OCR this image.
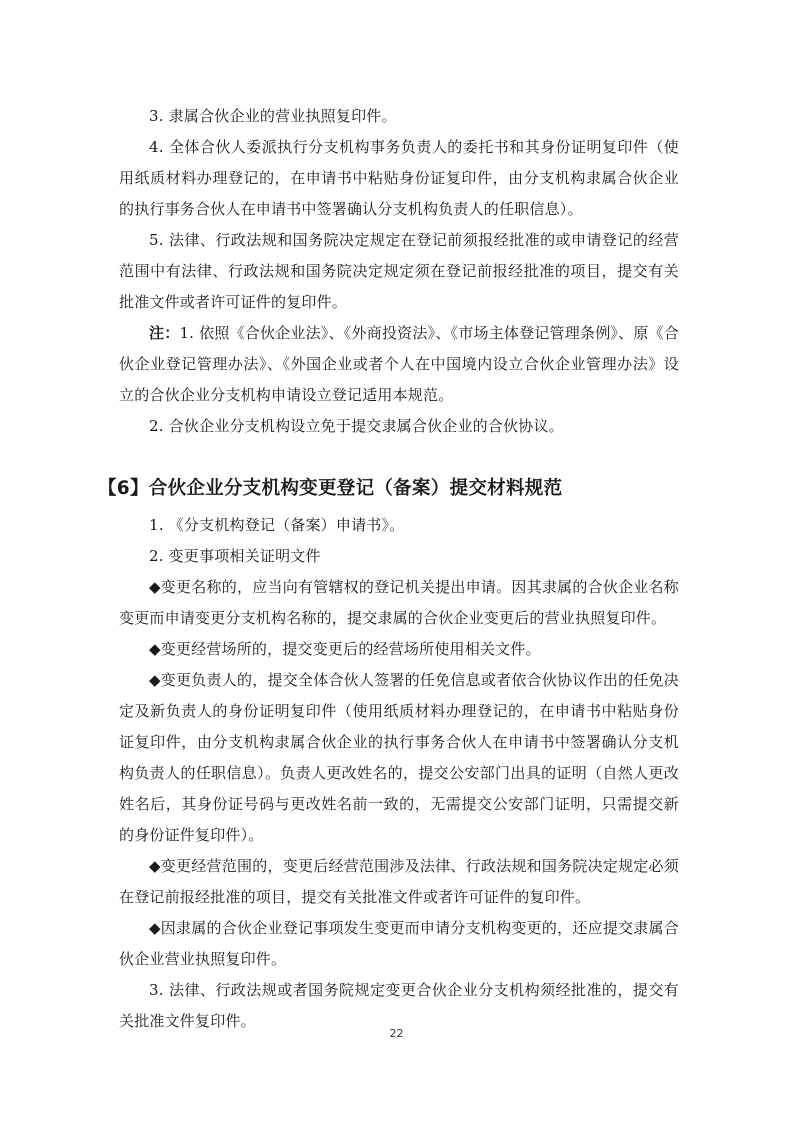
3. 隶属合伙企业的营业执照复印件。

4. 全体合伙人委派执行分支机构事务负责人的委托书和其身份证明复印件（使用纸质材料办理登记的，在申请书中粘贴身份证复印件，由分支机构隶属合伙企业的执行事务合伙人在申请书中签署确认分支机构负责人的任职信息）。

5. 法律、行政法规和国务院决定规定在登记前须报经批准的或申请登记的经营范围中有法律、行政法规和国务院决定规定须在登记前报经批准的项目，提交有关批准文件或者许可证件的复印件。

注：1. 依照《合伙企业法》、《外商投资法》、《市场主体登记管理条例》、原《合伙企业登记管理办法》、《外国企业或者个人在中国境内设立合伙企业管理办法》设立的合伙企业分支机构申请设立登记适用本规范。

2. 合伙企业分支机构设立免于提交隶属合伙企业的合伙协议。

【6】合伙企业分支机构变更登记（备案）提交材料规范

1. 《分支机构登记（备案）申请书》。

2. 变更事项相关证明文件

◆变更名称的，应当向有管辖权的登记机关提出申请。因其隶属的合伙企业名称变更而申请变更分支机构名称的，提交隶属的合伙企业变更后的营业执照复印件。

◆变更经营场所的，提交变更后的经营场所使用相关文件。

◆变更负责人的，提交全体合伙人签署的任免信息或者依合伙协议作出的任免决定及新负责人的身份证明复印件（使用纸质材料办理登记的，在申请书中粘贴身份证复印件，由分支机构隶属合伙企业的执行事务合伙人在申请书中签署确认分支机构负责人的任职信息）。负责人更改姓名的，提交公安部门出具的证明（自然人更改姓名后，其身份证号码与更改姓名前一致的，无需提交公安部门证明，只需提交新的身份证件复印件）。

◆变更经营范围的，变更后经营范围涉及法律、行政法规和国务院决定规定必须在登记前报经批准的项目，提交有关批准文件或者许可证件的复印件。

◆因隶属的合伙企业登记事项发生变更而申请分支机构变更的，还应提交隶属合伙企业营业执照复印件。

3. 法律、行政法规或者国务院规定变更合伙企业分支机构须经批准的，提交有关批准文件复印件。

22
